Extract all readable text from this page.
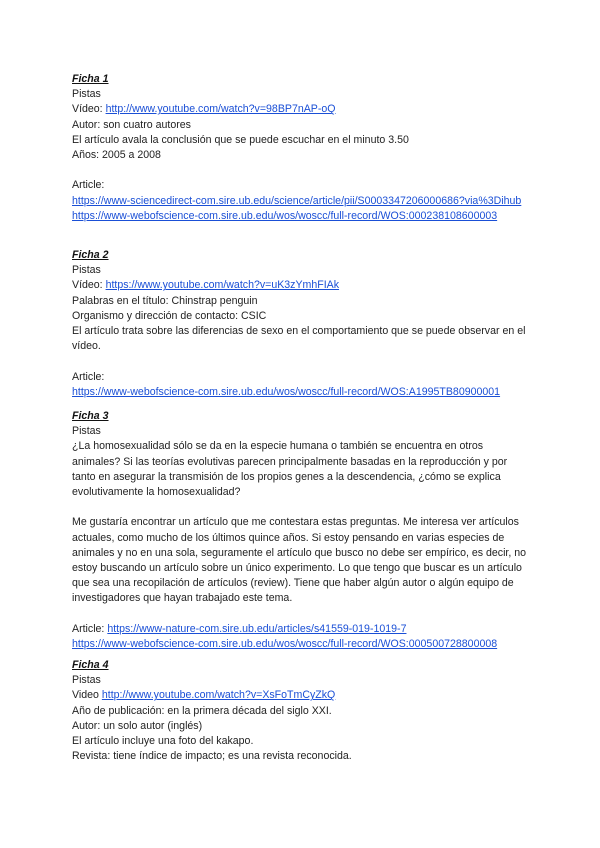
Ficha 1
Pistas
Vídeo: http://www.youtube.com/watch?v=98BP7nAP-oQ
Autor: son cuatro autores
El artículo avala la conclusión que se puede escuchar en el minuto 3.50
Años: 2005 a 2008
Article:
https://www-sciencedirect-com.sire.ub.edu/science/article/pii/S0003347206000686?via%3Dihub
https://www-webofscience-com.sire.ub.edu/wos/woscc/full-record/WOS:000238108600003
Ficha 2
Pistas
Vídeo: https://www.youtube.com/watch?v=uK3zYmhFIAk
Palabras en el título: Chinstrap penguin
Organismo y dirección de contacto: CSIC
El artículo trata sobre las diferencias de sexo en el comportamiento que se puede observar en el vídeo.
Article:
https://www-webofscience-com.sire.ub.edu/wos/woscc/full-record/WOS:A1995TB80900001
Ficha 3
Pistas
¿La homosexualidad sólo se da en la especie humana o también se encuentra en otros animales? Si las teorías evolutivas parecen principalmente basadas en la reproducción y por tanto en asegurar la transmisión de los propios genes a la descendencia, ¿cómo se explica evolutivamente la homosexualidad?
Me gustaría encontrar un artículo que me contestara estas preguntas. Me interesa ver artículos actuales, como mucho de los últimos quince años. Si estoy pensando en varias especies de animales y no en una sola, seguramente el artículo que busco no debe ser empírico, es decir, no estoy buscando un artículo sobre un único experimento. Lo que tengo que buscar es un artículo que sea una recopilación de artículos (review). Tiene que haber algún autor o algún equipo de investigadores que hayan trabajado este tema.
Article: https://www-nature-com.sire.ub.edu/articles/s41559-019-1019-7
https://www-webofscience-com.sire.ub.edu/wos/woscc/full-record/WOS:000500728800008
Ficha 4
Pistas
Video http://www.youtube.com/watch?v=XsFoTmCyZkQ
Año de publicación: en la primera década del siglo XXI.
Autor: un solo autor (inglés)
El artículo incluye una foto del kakapo.
Revista: tiene índice de impacto; es una revista reconocida.
